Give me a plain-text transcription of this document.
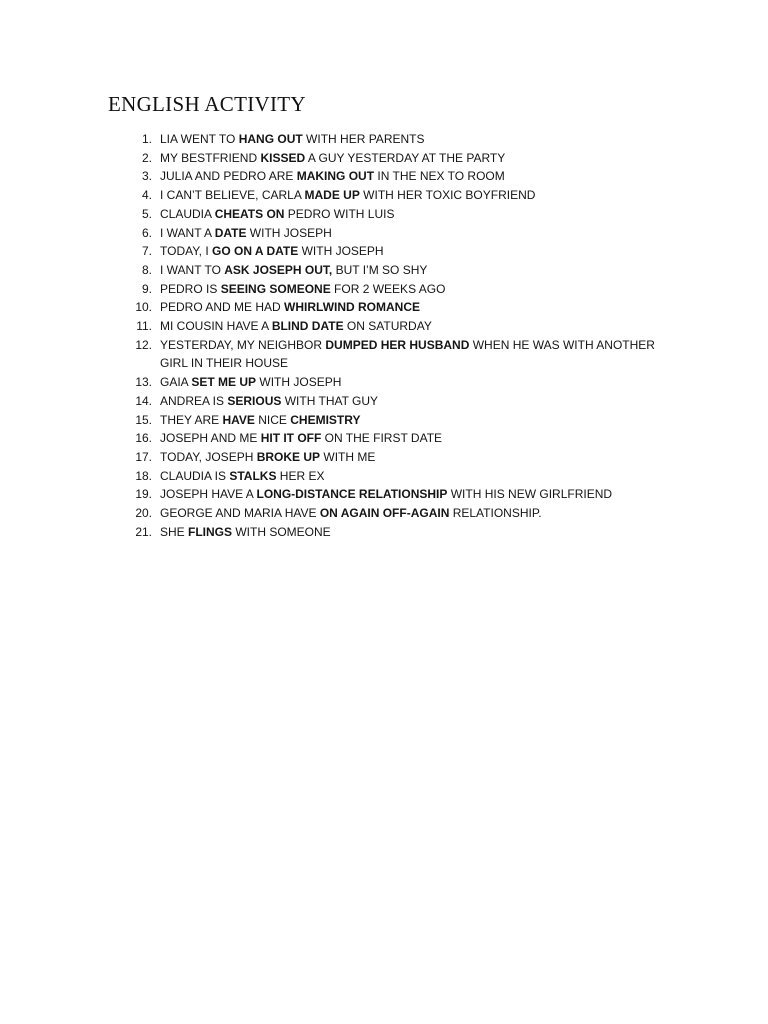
ENGLISH ACTIVITY
1. LIA WENT TO HANG OUT WITH HER PARENTS
2. MY BESTFRIEND KISSED A GUY YESTERDAY AT THE PARTY
3. JULIA AND PEDRO ARE MAKING OUT IN THE NEX TO ROOM
4. I CAN’T BELIEVE, CARLA MADE UP WITH HER TOXIC BOYFRIEND
5. CLAUDIA CHEATS ON PEDRO WITH LUIS
6. I WANT A DATE WITH JOSEPH
7. TODAY, I GO ON A DATE WITH JOSEPH
8. I WANT TO ASK JOSEPH OUT, BUT I’M SO SHY
9. PEDRO IS SEEING SOMEONE FOR 2 WEEKS AGO
10. PEDRO AND ME HAD WHIRLWIND ROMANCE
11. MI COUSIN HAVE A BLIND DATE ON SATURDAY
12. YESTERDAY, MY NEIGHBOR DUMPED HER HUSBAND WHEN HE WAS WITH ANOTHER GIRL IN THEIR HOUSE
13. GAIA SET ME UP WITH JOSEPH
14. ANDREA IS SERIOUS WITH THAT GUY
15. THEY ARE HAVE NICE CHEMISTRY
16. JOSEPH AND ME HIT IT OFF ON THE FIRST DATE
17. TODAY, JOSEPH BROKE UP WITH ME
18. CLAUDIA IS STALKS HER EX
19. JOSEPH HAVE A LONG-DISTANCE RELATIONSHIP WITH HIS NEW GIRLFRIEND
20. GEORGE AND MARIA HAVE ON AGAIN OFF-AGAIN RELATIONSHIP.
21. SHE FLINGS WITH SOMEONE
